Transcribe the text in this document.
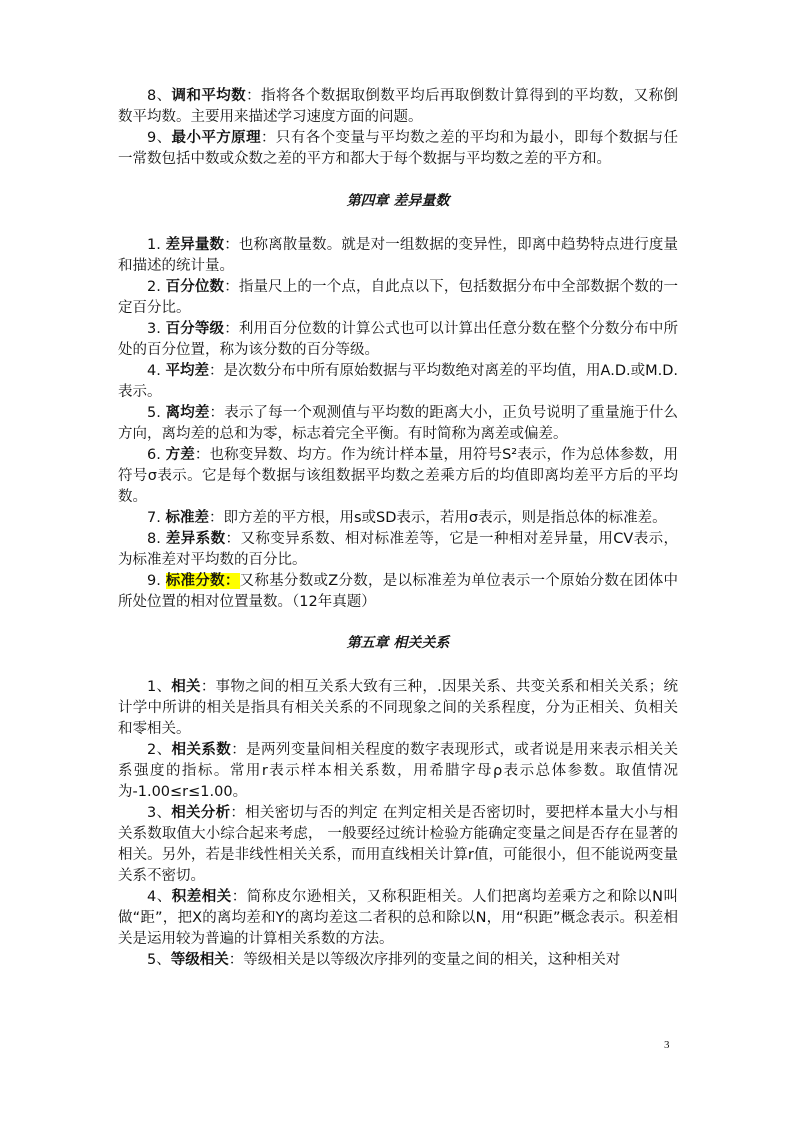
8、调和平均数：指将各个数据取倒数平均后再取倒数计算得到的平均数，又称倒数平均数。主要用来描述学习速度方面的问题。

9、最小平方原理：只有各个变量与平均数之差的平均和为最小，即每个数据与任一常数包括中数或众数之差的平方和都大于每个数据与平均数之差的平方和。

第四章 差异量数

1. 差异量数：也称离散量数。就是对一组数据的变异性，即离中趋势特点进行度量和描述的统计量。

2. 百分位数：指量尺上的一个点，自此点以下，包括数据分布中全部数据个数的一定百分比。

3. 百分等级：利用百分位数的计算公式也可以计算出任意分数在整个分数分布中所处的百分位置，称为该分数的百分等级。

4. 平均差：是次数分布中所有原始数据与平均数绝对离差的平均值，用A.D.或M.D.表示。

5. 离均差：表示了每一个观测值与平均数的距离大小，正负号说明了重量施于什么方向，离均差的总和为零，标志着完全平衡。有时简称为离差或偏差。

6. 方差：也称变异数、均方。作为统计样本量，用符号S²表示，作为总体参数，用符号σ表示。它是每个数据与该组数据平均数之差乘方后的均值即离均差平方后的平均数。

7. 标准差：即方差的平方根，用s或SD表示，若用σ表示，则是指总体的标准差。

8. 差异系数：又称变异系数、相对标准差等，它是一种相对差异量，用CV表示，为标准差对平均数的百分比。

9. 标准分数：又称基分数或Z分数，是以标准差为单位表示一个原始分数在团体中所处位置的相对位置量数。（12年真题）

第五章 相关关系

1、相关：事物之间的相互关系大致有三种，.因果关系、共变关系和相关关系；统计学中所讲的相关是指具有相关关系的不同现象之间的关系程度，分为正相关、负相关和零相关。

2、相关系数：是两列变量间相关程度的数字表现形式，或者说是用来表示相关关系强度的指标。常用r表示样本相关系数，用希腊字母ρ表示总体参数。取值情况为-1.00≤r≤1.00。

3、相关分析：相关密切与否的判定 在判定相关是否密切时，要把样本量大小与相关系数取值大小综合起来考虑， 一般要经过统计检验方能确定变量之间是否存在显著的相关。另外，若是非线性相关关系，而用直线相关计算r值，可能很小，但不能说两变量关系不密切。

4、积差相关：简称皮尔逊相关，又称积距相关。人们把离均差乘方之和除以N叫做“距”，把X的离均差和Y的离均差这二者积的总和除以N，用“积距”概念表示。积差相关是运用较为普遍的计算相关系数的方法。

5、等级相关：等级相关是以等级次序排列的变量之间的相关，这种相关对

3
